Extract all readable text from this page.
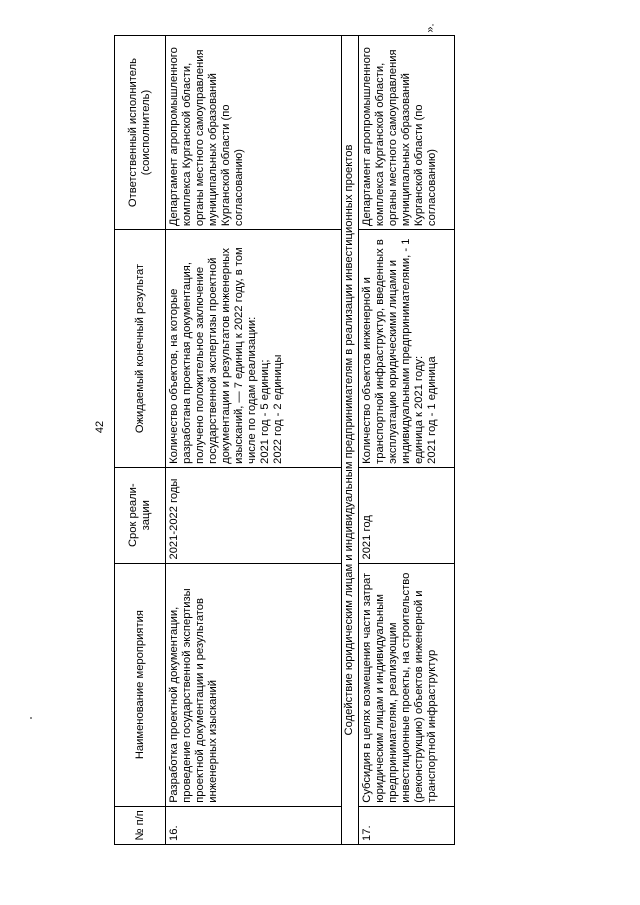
42
».
№ п/п	Наименование мероприятия	Срок реали-зации	Ожидаемый конечный результат	Ответственный исполнитель (соисполнитель)
16.	Разработка проектной документации, проведение государственной экспертизы проектной документации и результатов инженерных изысканий	2021-2022 годы	Количество объектов, на которые разработана проектная документация, получено положительное заключение государственной экспертизы проектной документации и результатов инженерных изысканий, — 7 единиц к 2022 году, в том числе по годам реализации: 2021 год - 5 единиц; 2022 год - 2 единицы	Департамент агропромышленного комплекса Курганской области, органы местного самоуправления муниципальных образований Курганской области (по согласованию)
Содействие юридическим лицам и индивидуальным предпринимателям в реализации инвестиционных проектов				
17.	Субсидия в целях возмещения части затрат юридическим лицам и индивидуальным предпринимателям, реализующим инвестиционные проекты, на строительство (реконструкцию) объектов инженерной и транспортной инфраструктур	2021 год	Количество объектов инженерной и транспортной инфраструктур, введенных в эксплуатацию юридическими лицами и индивидуальными предпринимателями, - 1 единица к 2021 году: 2021 год - 1 единица	Департамент агропромышленного комплекса Курганской области, органы местного самоуправления муниципальных образований Курганской области (по согласованию)
